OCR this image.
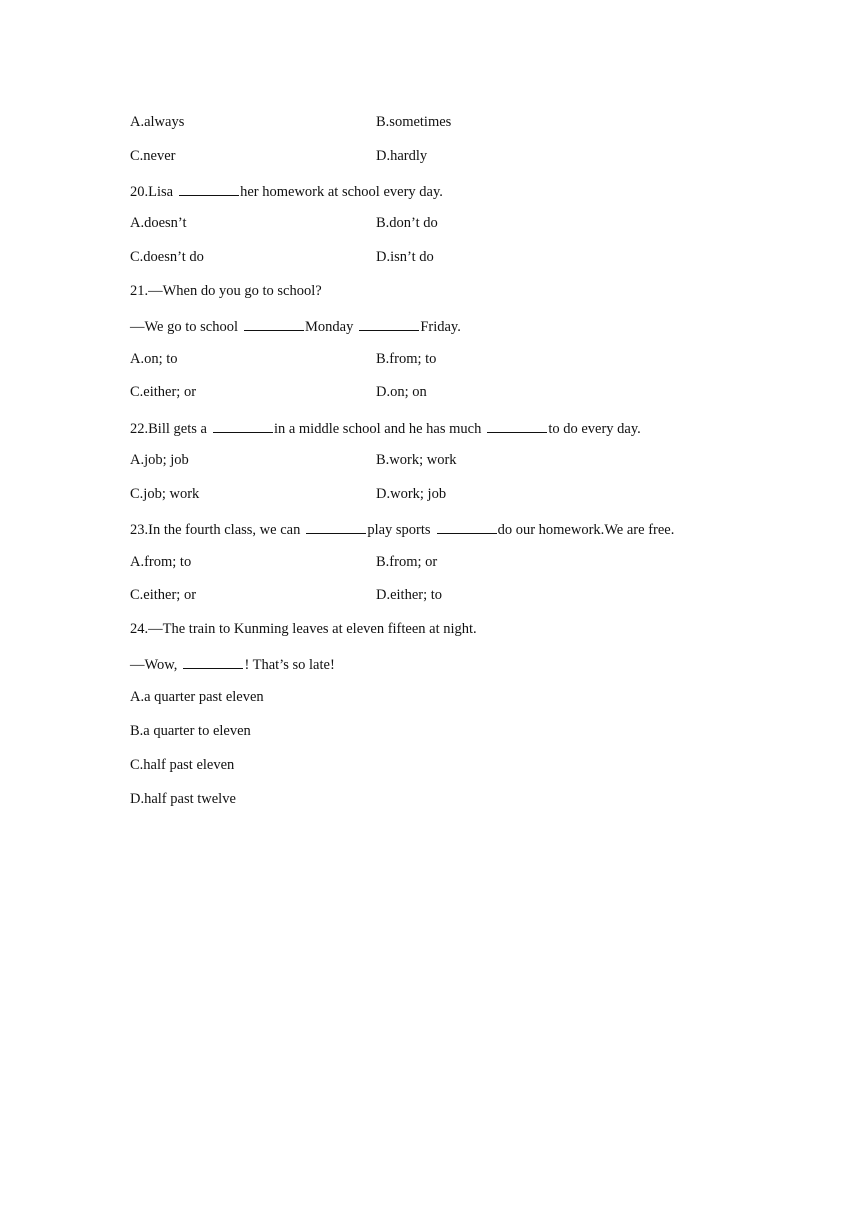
A.always	B.sometimes
C.never	D.hardly
20.Lisa	her homework at school every day.
A.doesn’t	B.don’t do
C.doesn’t do	D.isn’t do
21.—When do you go to school?
—We go to school	Monday	Friday.
A.on; to	B.from; to
C.either; or	D.on; on
22.Bill gets a	in a middle school and he has much	to do every day.
A.job; job	B.work; work
C.job; work	D.work; job
23.In the fourth class, we can	play sports	do our homework.We are free.
A.from; to	B.from; or
C.either; or	D.either; to
24.—The train to Kunming leaves at eleven fifteen at night.
—Wow,	! That’s so late!
A.a quarter past eleven
B.a quarter to eleven
C.half past eleven
D.half past twelve
